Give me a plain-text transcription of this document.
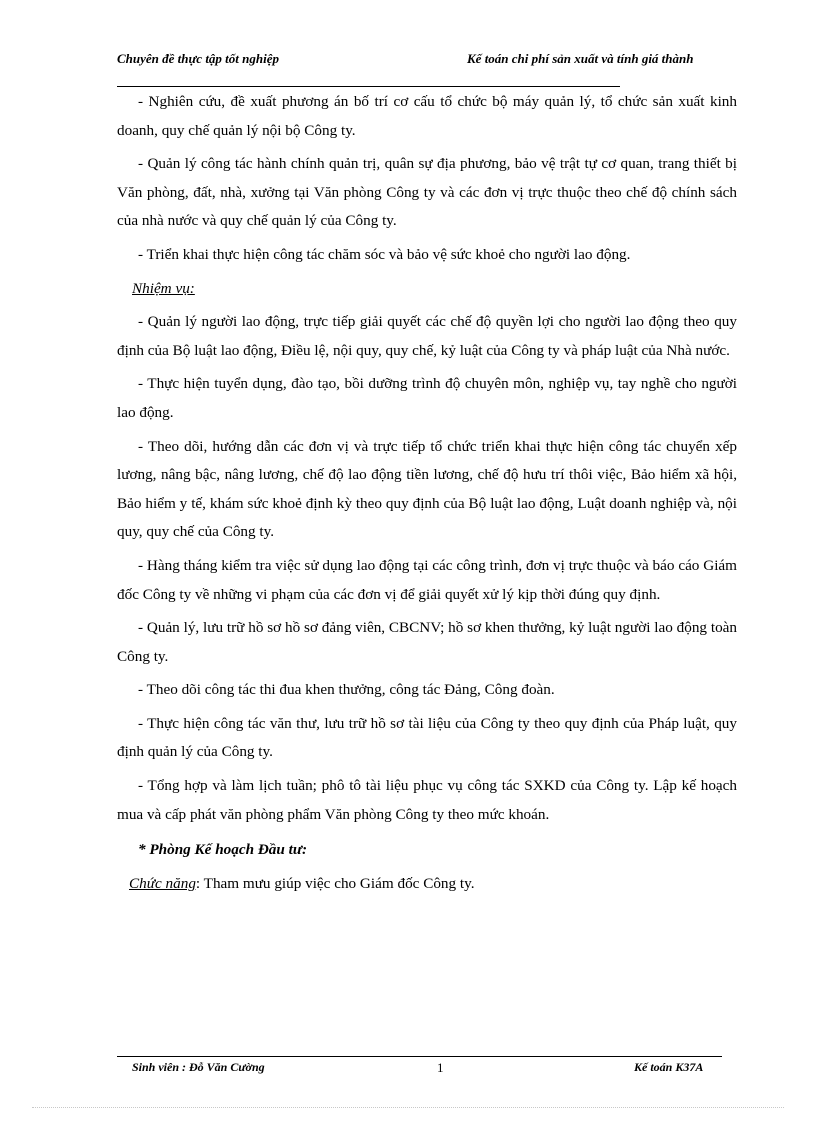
Chuyên đề thực tập tốt nghiệp	Kế toán chi phí sản xuất và tính giá thành

- Nghiên cứu, đề xuất phương án bố trí cơ cấu tổ chức bộ máy quản lý, tổ chức sản xuất kinh doanh, quy chế quản lý nội bộ Công ty.

- Quản lý công tác hành chính quản trị, quân sự địa phương, bảo vệ trật tự cơ quan, trang thiết bị Văn phòng, đất, nhà, xưởng tại Văn phòng Công ty và các đơn vị trực thuộc theo chế độ chính sách của nhà nước và quy chế quản lý của Công ty.

- Triển khai thực hiện công tác chăm sóc và bảo vệ sức khoẻ cho người lao động.

Nhiệm vụ:

- Quản lý người lao động, trực tiếp giải quyết các chế độ quyền lợi cho người lao động theo quy định của Bộ luật lao động, Điều lệ, nội quy, quy chế, kỷ luật của Công ty và pháp luật của Nhà nước.

- Thực hiện tuyển dụng, đào tạo, bồi dưỡng trình độ chuyên môn, nghiệp vụ, tay nghề cho người lao động.

- Theo dõi, hướng dẫn các đơn vị và trực tiếp tổ chức triển khai thực hiện công tác chuyển xếp lương, nâng bậc, nâng lương, chế độ lao động tiền lương, chế độ hưu trí thôi việc, Bảo hiểm xã hội, Bảo hiểm y tế, khám sức khoẻ định kỳ theo quy định của Bộ luật lao động, Luật doanh nghiệp và, nội quy, quy chế của Công ty.

- Hàng tháng kiểm tra việc sử dụng lao động tại các công trình, đơn vị trực thuộc và báo cáo Giám đốc Công ty về những vi phạm của các đơn vị để giải quyết xử lý kịp thời đúng quy định.

- Quản lý, lưu trữ hồ sơ hồ sơ đảng viên, CBCNV; hồ sơ khen thưởng, kỷ luật người lao động toàn Công ty.

- Theo dõi công tác thi đua khen thưởng, công tác Đảng, Công đoàn.

- Thực hiện công tác văn thư, lưu trữ hồ sơ tài liệu của Công ty theo quy định của Pháp luật, quy định quản lý của Công ty.

- Tổng hợp và làm lịch tuần; phô tô tài liệu phục vụ công tác SXKD của Công ty. Lập kế hoạch mua và cấp phát văn phòng phẩm Văn phòng Công ty theo mức khoán.

* Phòng Kế hoạch Đầu tư:

Chức năng: Tham mưu giúp việc cho Giám đốc Công ty.

Sinh viên : Đỗ Văn Cường	1	Kế toán K37A
